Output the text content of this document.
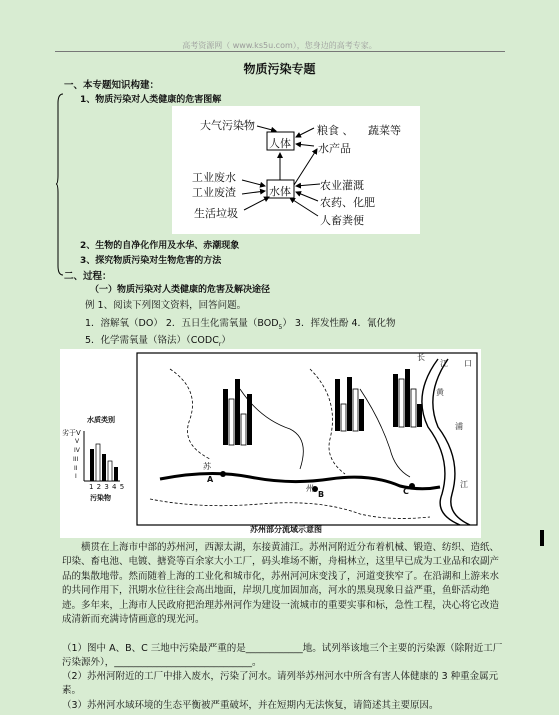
高考资源网（ www.ks5u.com），您身边的高考专家。
物质污染专题
一、本专题知识构建：
1、物质污染对人类健康的危害图解
大气污染物
人体
粮食 、 蔬菜等
水产品
工业废水
工业废渣	水体	农业灌溉
农药、化肥
生活垃圾
人畜粪便
2、生物的自净化作用及水华、赤潮现象
3、探究物质污染对生物危害的方法
二、过程：
（一）物质污染对人类健康的危害及解决途径
例 1、阅读下列图文资料，回答问题。
1．溶解氧（DO） 2．五日生化需氧量$(BOD_5)$ 3．挥发性酚 4．氰化物
5．化学需氧量（铬法）$(CODC_r)$
水质类别
劣于V
V
IV
III
II
I
1 2 3 4 5
污染物
A
B	C
苏
州
长
江 口
黄
浦
江
苏州部分流域示意图
横贯在上海市中部的苏州河，西源太湖，东接黄浦江。苏州河附近分布着机械、锻造、纺织、造纸、印染、畜电池、电镀、搪瓷等百余家大小工厂，码头堆场不断，舟楫林立，这里早已成为工业品和农副产品的集散地带。然而随着上海的工业化和城市化，苏州河河床变浅了，河道变狭窄了。在沿湖和上游来水的共同作用下，汛期水位往往会高出地面，岸坝几度加固加高，河水的黑臭现象日益严重，鱼虾活动绝迹。多年来，上海市人民政府把治理苏州河作为建设一流城市的重要实事和标，急性工程，决心将它改造成清新而充满诗情画意的现光河。
（1）图中 A、B、C 三地中污染最严重的是____________地。试列举该地三个主要的污染源（除附近工厂污染源外），_____________________________。
（2）苏州河附近的工厂中排入废水，污染了河水。请列举苏州河水中所含有害人体健康的 3 种重金属元素。
（3）苏州河水域环境的生态平衡被严重破坏，并在短期内无法恢复，请简述其主要原因。
